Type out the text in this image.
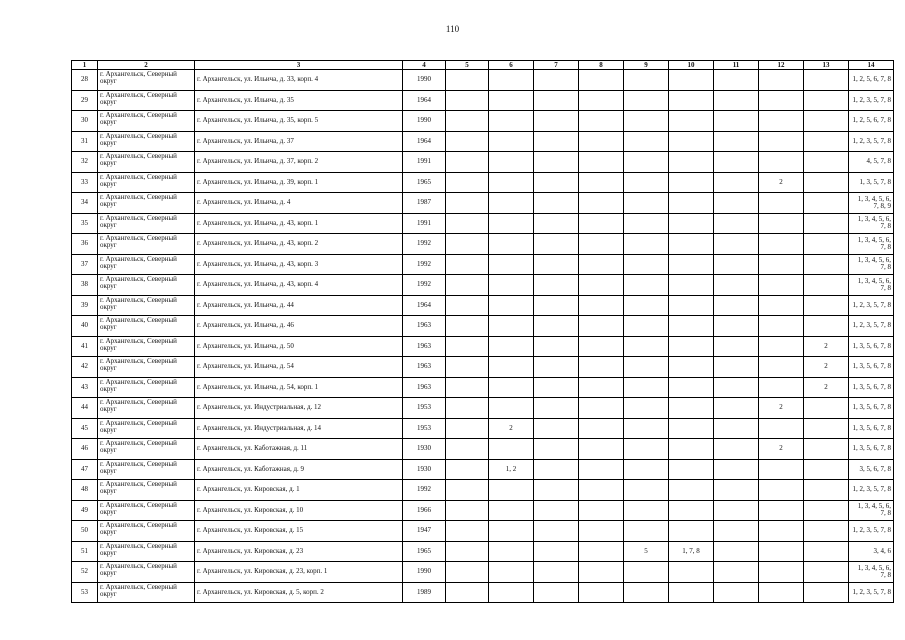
110
1	2	3	4	5	6	7	8	9	10	11	12	13	14
28	г. Архангельск, Северный округ	г. Архангельск, ул. Ильича, д. 33, корп. 4	1990										1, 2, 5, 6, 7, 8
29	г. Архангельск, Северный округ	г. Архангельск, ул. Ильича, д. 35	1964										1, 2, 3, 5, 7, 8
30	г. Архангельск, Северный округ	г. Архангельск, ул. Ильича, д. 35, корп. 5	1990										1, 2, 5, 6, 7, 8
31	г. Архангельск, Северный округ	г. Архангельск, ул. Ильича, д. 37	1964										1, 2, 3, 5, 7, 8
32	г. Архангельск, Северный округ	г. Архангельск, ул. Ильича, д. 37, корп. 2	1991										4, 5, 7, 8
33	г. Архангельск, Северный округ	г. Архангельск, ул. Ильича, д. 39, корп. 1	1965								2		1, 3, 5, 7, 8
34	г. Архангельск, Северный округ	г. Архангельск, ул. Ильича, д. 4	1987										1, 3, 4, 5, 6, 7, 8, 9
35	г. Архангельск, Северный округ	г. Архангельск, ул. Ильича, д. 43, корп. 1	1991										1, 3, 4, 5, 6, 7, 8
36	г. Архангельск, Северный округ	г. Архангельск, ул. Ильича, д. 43, корп. 2	1992										1, 3, 4, 5, 6, 7, 8
37	г. Архангельск, Северный округ	г. Архангельск, ул. Ильича, д. 43, корп. 3	1992										1, 3, 4, 5, 6, 7, 8
38	г. Архангельск, Северный округ	г. Архангельск, ул. Ильича, д. 43, корп. 4	1992										1, 3, 4, 5, 6, 7, 8
39	г. Архангельск, Северный округ	г. Архангельск, ул. Ильича, д. 44	1964										1, 2, 3, 5, 7, 8
40	г. Архангельск, Северный округ	г. Архангельск, ул. Ильича, д. 46	1963										1, 2, 3, 5, 7, 8
41	г. Архангельск, Северный округ	г. Архангельск, ул. Ильича, д. 50	1963									2	1, 3, 5, 6, 7, 8
42	г. Архангельск, Северный округ	г. Архангельск, ул. Ильича, д. 54	1963									2	1, 3, 5, 6, 7, 8
43	г. Архангельск, Северный округ	г. Архангельск, ул. Ильича, д. 54, корп. 1	1963									2	1, 3, 5, 6, 7, 8
44	г. Архангельск, Северный округ	г. Архангельск, ул. Индустриальная, д. 12	1953								2		1, 3, 5, 6, 7, 8
45	г. Архангельск, Северный округ	г. Архангельск, ул. Индустриальная, д. 14	1953		2								1, 3, 5, 6, 7, 8
46	г. Архангельск, Северный округ	г. Архангельск, ул. Каботажная, д. 11	1930								2		1, 3, 5, 6, 7, 8
47	г. Архангельск, Северный округ	г. Архангельск, ул. Каботажная, д. 9	1930		1, 2								3, 5, 6, 7, 8
48	г. Архангельск, Северный округ	г. Архангельск, ул. Кировская, д. 1	1992										1, 2, 3, 5, 7, 8
49	г. Архангельск, Северный округ	г. Архангельск, ул. Кировская, д. 10	1966										1, 3, 4, 5, 6, 7, 8
50	г. Архангельск, Северный округ	г. Архангельск, ул. Кировская, д. 15	1947										1, 2, 3, 5, 7, 8
51	г. Архангельск, Северный округ	г. Архангельск, ул. Кировская, д. 23	1965					5	1, 7, 8				3, 4, 6
52	г. Архангельск, Северный округ	г. Архангельск, ул. Кировская, д. 23, корп. 1	1990										1, 3, 4, 5, 6, 7, 8
53	г. Архангельск, Северный округ	г. Архангельск, ул. Кировская, д. 5, корп. 2	1989										1, 2, 3, 5, 7, 8
